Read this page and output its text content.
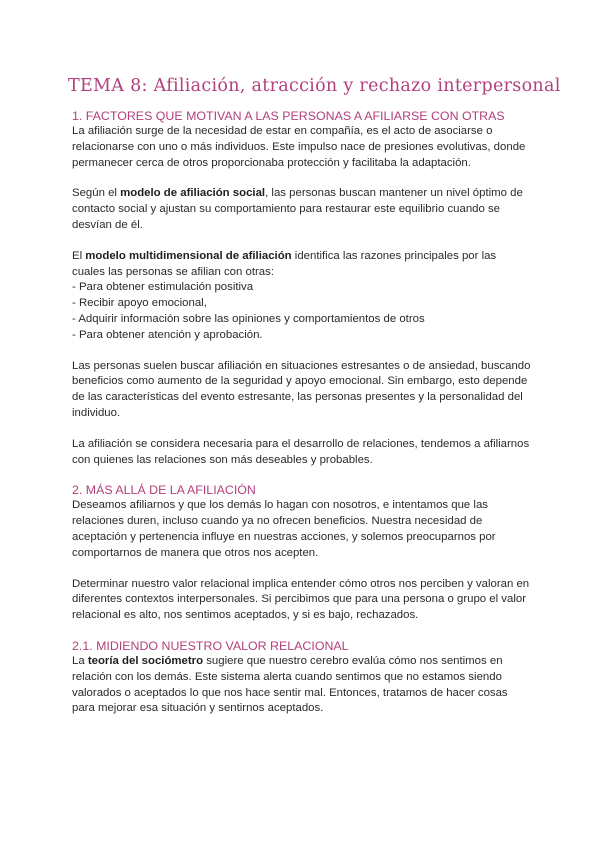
TEMA 8: Afiliación, atracción y rechazo interpersonal
1. FACTORES QUE MOTIVAN A LAS PERSONAS A AFILIARSE CON OTRAS

La afiliación surge de la necesidad de estar en compañía, es el acto de asociarse o relacionarse con uno o más individuos. Este impulso nace de presiones evolutivas, donde permanecer cerca de otros proporcionaba protección y facilitaba la adaptación.

Según el modelo de afiliación social, las personas buscan mantener un nivel óptimo de contacto social y ajustan su comportamiento para restaurar este equilibrio cuando se desvían de él.

El modelo multidimensional de afiliación identifica las razones principales por las cuales las personas se afilian con otras:

- Para obtener estimulación positiva

- Recibir apoyo emocional,

- Adquirir información sobre las opiniones y comportamientos de otros

- Para obtener atención y aprobación.

Las personas suelen buscar afiliación en situaciones estresantes o de ansiedad, buscando beneficios como aumento de la seguridad y apoyo emocional. Sin embargo, esto depende de las características del evento estresante, las personas presentes y la personalidad del individuo.

La afiliación se considera necesaria para el desarrollo de relaciones, tendemos a afiliarnos con quienes las relaciones son más deseables y probables.

2. MÁS ALLÁ DE LA AFILIACIÓN

Deseamos afiliarnos y que los demás lo hagan con nosotros, e intentamos que las relaciones duren, incluso cuando ya no ofrecen beneficios. Nuestra necesidad de aceptación y pertenencia influye en nuestras acciones, y solemos preocuparnos por comportarnos de manera que otros nos acepten.

Determinar nuestro valor relacional implica entender cómo otros nos perciben y valoran en diferentes contextos interpersonales. Si percibimos que para una persona o grupo el valor relacional es alto, nos sentimos aceptados, y si es bajo, rechazados.

2.1. MIDIENDO NUESTRO VALOR RELACIONAL

La teoría del sociómetro sugiere que nuestro cerebro evalúa cómo nos sentimos en relación con los demás. Este sistema alerta cuando sentimos que no estamos siendo valorados o aceptados lo que nos hace sentir mal. Entonces, tratamos de hacer cosas para mejorar esa situación y sentirnos aceptados.
